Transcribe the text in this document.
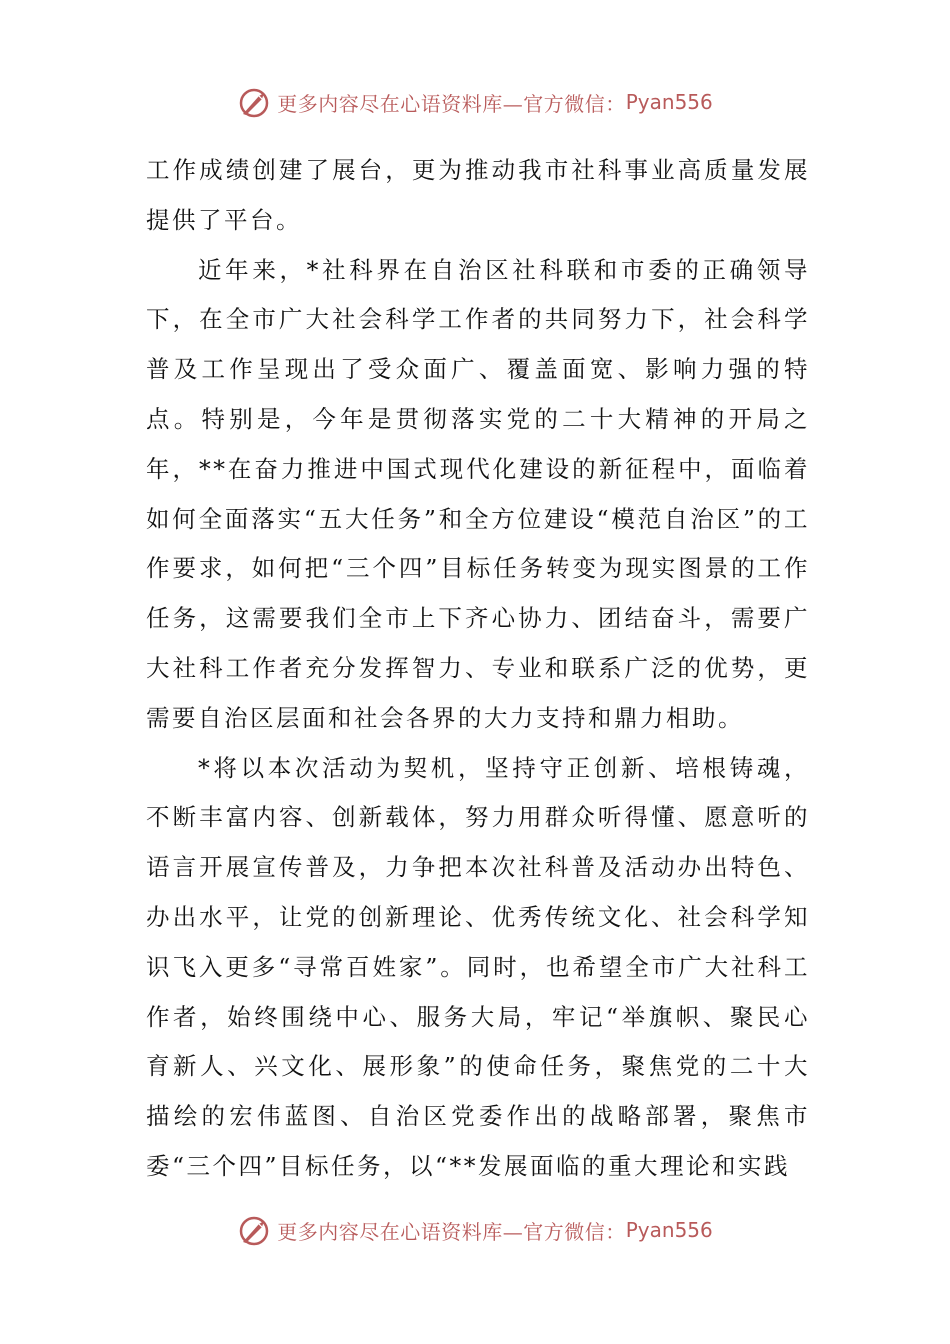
更多内容尽在心语资料库—官方微信： Pyan556

工作成绩创建了展台，更为推动我市社科事业高质量发展提供了平台。

近年来，*社科界在自治区社科联和市委的正确领导下，在全市广大社会科学工作者的共同努力下，社会科学普及工作呈现出了受众面广、覆盖面宽、影响力强的特点。特别是，今年是贯彻落实党的二十大精神的开局之年，**在奋力推进中国式现代化建设的新征程中，面临着如何全面落实“五大任务”和全方位建设“模范自治区”的工作要求，如何把“三个四”目标任务转变为现实图景的工作任务，这需要我们全市上下齐心协力、团结奋斗，需要广大社科工作者充分发挥智力、专业和联系广泛的优势，更需要自治区层面和社会各界的大力支持和鼎力相助。

*将以本次活动为契机，坚持守正创新、培根铸魂，不断丰富内容、创新载体，努力用群众听得懂、愿意听的语言开展宣传普及，力争把本次社科普及活动办出特色、办出水平，让党的创新理论、优秀传统文化、社会科学知识飞入更多“寻常百姓家”。同时，也希望全市广大社科工作者，始终围绕中心、服务大局，牢记“举旗帜、聚民心育新人、兴文化、展形象”的使命任务，聚焦党的二十大描绘的宏伟蓝图、自治区党委作出的战略部署，聚焦市委“三个四”目标任务，以“**发展面临的重大理论和实践

更多内容尽在心语资料库—官方微信： Pyan556
